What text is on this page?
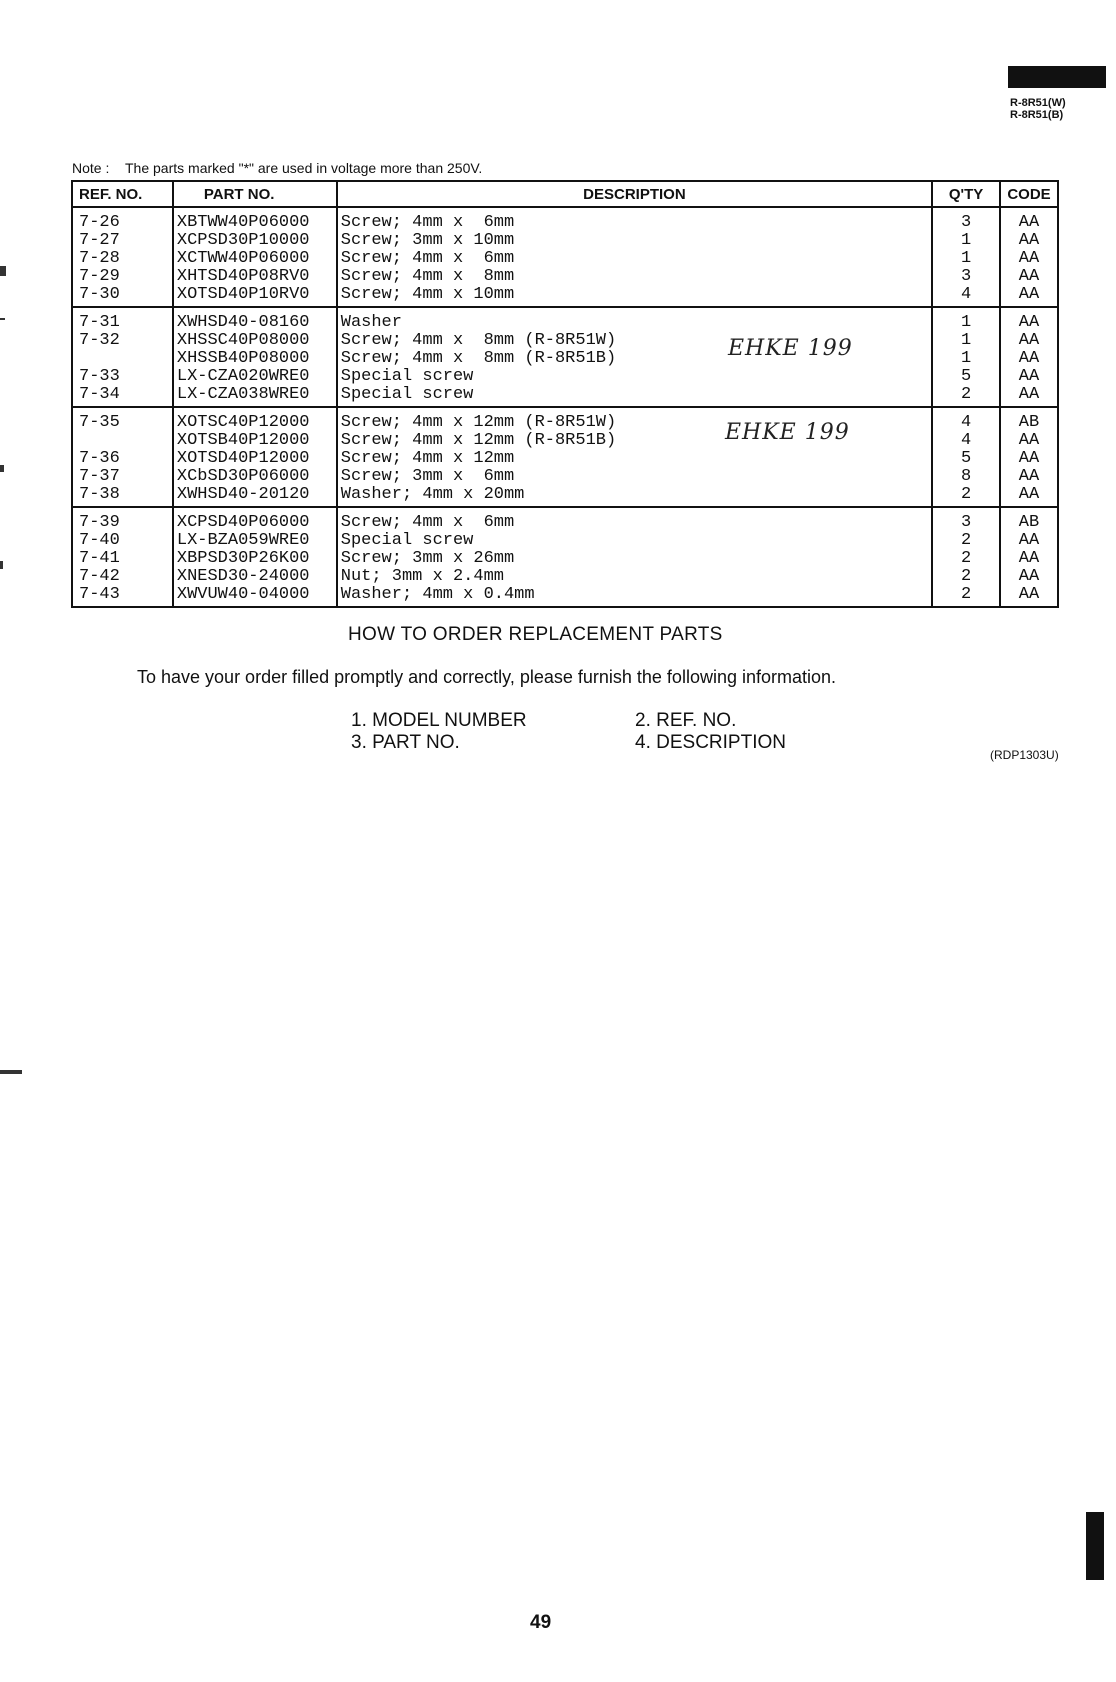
R-8R51(W)
R-8R51(B)
Note : The parts marked "*" are used in voltage more than 250V.
REF. NO.	PART NO.	DESCRIPTION	Q'TY	CODE
7-26	XBTWW40P06000	Screw; 4mm x  6mm	3	AA
7-27	XCPSD30P10000	Screw; 3mm x 10mm	1	AA
7-28	XCTWW40P06000	Screw; 4mm x  6mm	1	AA
7-29	XHTSD40P08RV0	Screw; 4mm x  8mm	3	AA
7-30	XOTSD40P10RV0	Screw; 4mm x 10mm	4	AA
7-31	XWHSD40-08160	Washer	1	AA
7-32	XHSSC40P08000	Screw; 4mm x  8mm (R-8R51W)	1	AA
	XHSSB40P08000	Screw; 4mm x  8mm (R-8R51B)	1	AA
7-33	LX-CZA020WRE0	Special screw	5	AA
7-34	LX-CZA038WRE0	Special screw	2	AA
7-35	XOTSC40P12000	Screw; 4mm x 12mm (R-8R51W)	4	AB
	XOTSB40P12000	Screw; 4mm x 12mm (R-8R51B)	4	AA
7-36	XOTSD40P12000	Screw; 4mm x 12mm	5	AA
7-37	XCbSD30P06000	Screw; 3mm x  6mm	8	AA
7-38	XWHSD40-20120	Washer; 4mm x 20mm	2	AA
7-39	XCPSD40P06000	Screw; 4mm x  6mm	3	AB
7-40	LX-BZA059WRE0	Special screw	2	AA
7-41	XBPSD30P26K00	Screw; 3mm x 26mm	2	AA
7-42	XNESD30-24000	Nut; 3mm x 2.4mm	2	AA
7-43	XWVUW40-04000	Washer; 4mm x 0.4mm	2	AA
EHKE 199
EHKE 199
HOW TO ORDER REPLACEMENT PARTS
To have your order filled promptly and correctly, please furnish the following information.
1. MODEL NUMBER	2. REF. NO.
3. PART NO.	4. DESCRIPTION
(RDP1303U)
49
